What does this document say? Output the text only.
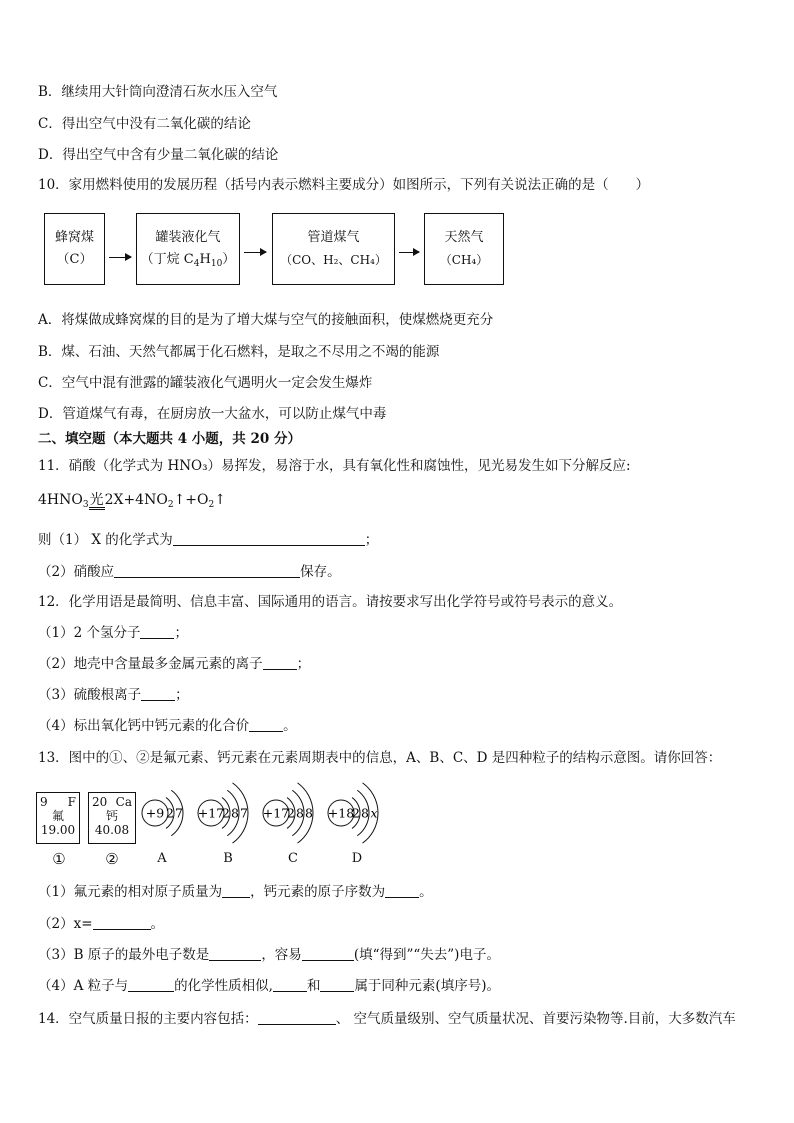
B．继续用大针筒向澄清石灰水压入空气
C．得出空气中没有二氧化碳的结论
D．得出空气中含有少量二氧化碳的结论
10．家用燃料使用的发展历程（括号内表示燃料主要成分）如图所示，下列有关说法正确的是（　　）
蜂窝煤
（C）
罐装液化气
（丁烷 $C_4H_{10}$）
管道煤气
（CO、H₂、CH₄）
天然气
（CH₄）
A．将煤做成蜂窝煤的目的是为了增大煤与空气的接触面积，使煤燃烧更充分
B．煤、石油、天然气都属于化石燃料，是取之不尽用之不竭的能源
C．空气中混有泄露的罐装液化气遇明火一定会发生爆炸
D．管道煤气有毒，在厨房放一大盆水，可以防止煤气中毒
二、填空题（本大题共 4 小题，共 20 分）
11．硝酸（化学式为 HNO₃）易挥发，易溶于水，具有氧化性和腐蚀性，见光易发生如下分解反应:
$4HNO_3$光$2X+4NO_2↑+O_2↑$
则（1） X 的化学式为	；
（2）硝酸应	保存。
12．化学用语是最简明、信息丰富、国际通用的语言。请按要求写出化学符号或符号表示的意义。
（1）2 个氢分子	；
（2）地壳中含量最多金属元素的离子	；
（3）硫酸根离子	；
（4）标出氧化钙中钙元素的化合价	。
13．图中的①、②是氟元素、钙元素在元素周期表中的信息，A、B、C、D 是四种粒子的结构示意图。请你回答：
9 F
氟
19.00
20 Ca
钙
40.08
+9 2 7 +17
2 8 7 +17
2 8 8 +18
2 8 x
①	②	A	B	C	D
（1）氟元素的相对原子质量为 ，钙元素的原子序数为	。
（2）x=	。
（3）B 原子的最外电子数是	，容易	(填“得到”“失去”)电子。
（4）A 粒子与	的化学性质相似,	和	属于同种元素(填序号)。
14．空气质量日报的主要内容包括：	、 空气质量级别、空气质量状况、首要污染物等.目前，大多数汽车
